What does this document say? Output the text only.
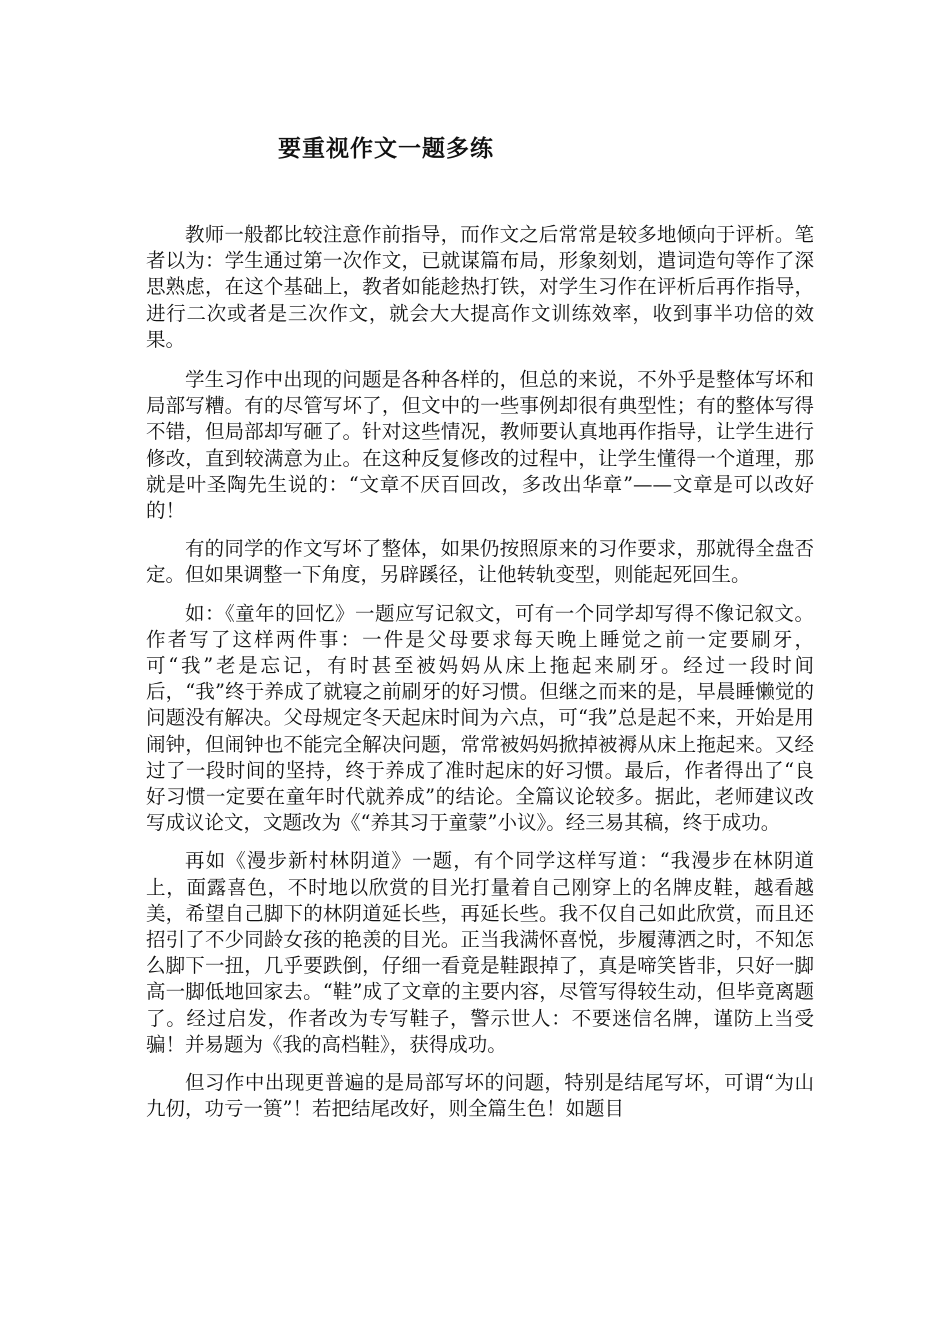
要重视作文一题多练

教师一般都比较注意作前指导，而作文之后常常是较多地倾向于评析。笔者以为：学生通过第一次作文，已就谋篇布局，形象刻划，遣词造句等作了深思熟虑，在这个基础上，教者如能趁热打铁，对学生习作在评析后再作指导，进行二次或者是三次作文，就会大大提高作文训练效率，收到事半功倍的效果。

学生习作中出现的问题是各种各样的，但总的来说，不外乎是整体写坏和局部写糟。有的尽管写坏了，但文中的一些事例却很有典型性；有的整体写得不错，但局部却写砸了。针对这些情况，教师要认真地再作指导，让学生进行修改，直到较满意为止。在这种反复修改的过程中，让学生懂得一个道理，那就是叶圣陶先生说的：“文章不厌百回改，多改出华章”——文章是可以改好的！

有的同学的作文写坏了整体，如果仍按照原来的习作要求，那就得全盘否定。但如果调整一下角度，另辟蹊径，让他转轨变型，则能起死回生。

如：《童年的回忆》一题应写记叙文，可有一个同学却写得不像记叙文。作者写了这样两件事：一件是父母要求每天晚上睡觉之前一定要刷牙，可“我”老是忘记，有时甚至被妈妈从床上拖起来刷牙。经过一段时间后，“我”终于养成了就寝之前刷牙的好习惯。但继之而来的是，早晨睡懒觉的问题没有解决。父母规定冬天起床时间为六点，可“我”总是起不来，开始是用闹钟，但闹钟也不能完全解决问题，常常被妈妈掀掉被褥从床上拖起来。又经过了一段时间的坚持，终于养成了准时起床的好习惯。最后，作者得出了“良好习惯一定要在童年时代就养成”的结论。全篇议论较多。据此，老师建议改写成议论文，文题改为《“养其习于童蒙”小议》。经三易其稿，终于成功。

再如《漫步新村林阴道》一题，有个同学这样写道：“我漫步在林阴道上，面露喜色，不时地以欣赏的目光打量着自己刚穿上的名牌皮鞋，越看越美，希望自己脚下的林阴道延长些，再延长些。我不仅自己如此欣赏，而且还招引了不少同龄女孩的艳羡的目光。正当我满怀喜悦，步履薄洒之时，不知怎么脚下一扭，几乎要跌倒，仔细一看竟是鞋跟掉了，真是啼笑皆非，只好一脚高一脚低地回家去。“鞋”成了文章的主要内容，尽管写得较生动，但毕竟离题了。经过启发，作者改为专写鞋子，警示世人：不要迷信名牌，谨防上当受骗！并易题为《我的高档鞋》，获得成功。

但习作中出现更普遍的是局部写坏的问题，特别是结尾写坏，可谓“为山九仞，功亏一篑”！若把结尾改好，则全篇生色！如题目
